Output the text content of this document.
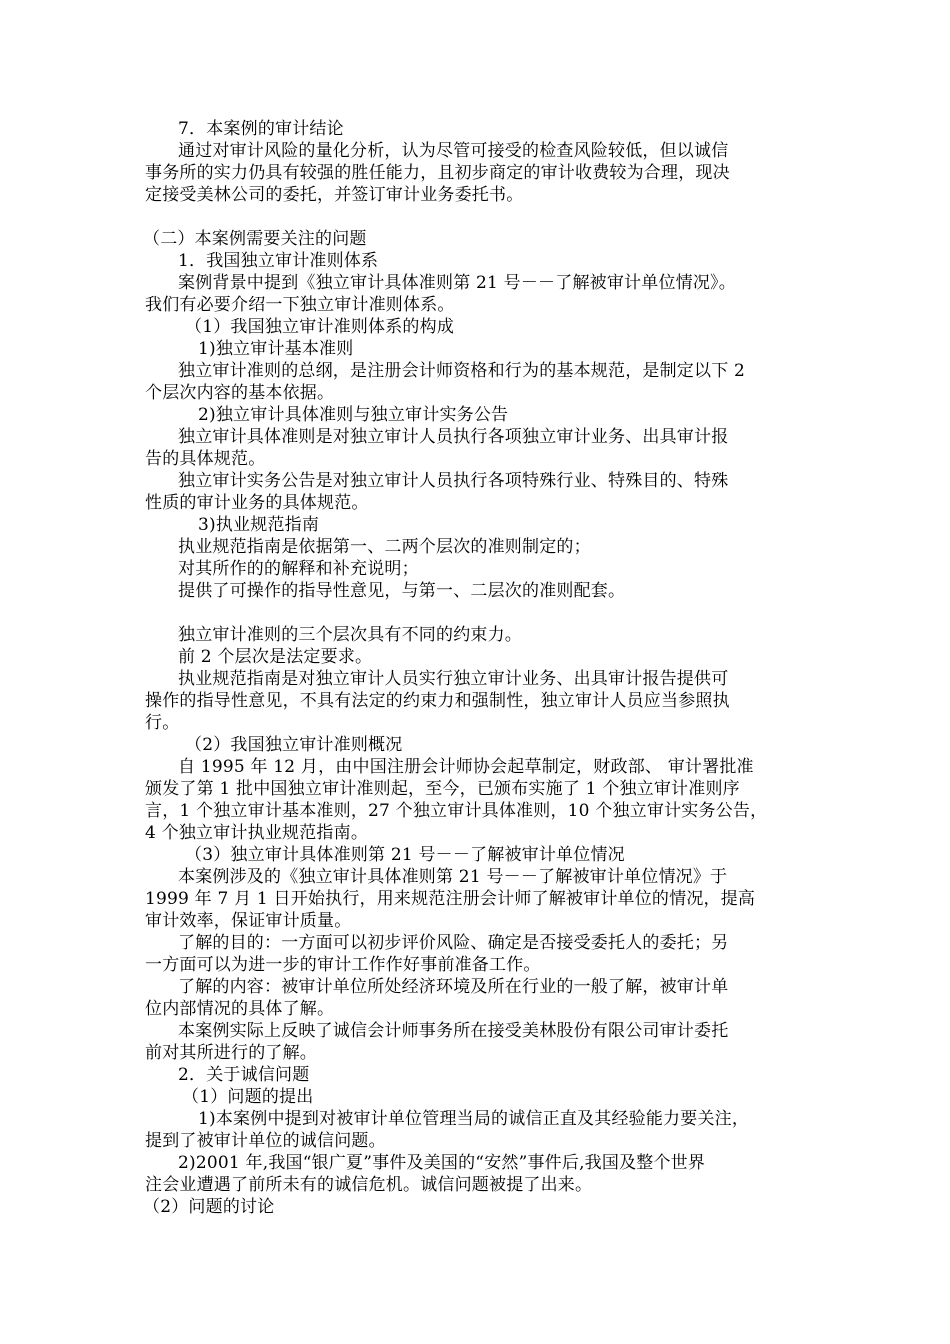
7．本案例的审计结论
通过对审计风险的量化分析，认为尽管可接受的检查风险较低，但以诚信
事务所的实力仍具有较强的胜任能力，且初步商定的审计收费较为合理，现决
定接受美林公司的委托，并签订审计业务委托书。
（二）本案例需要关注的问题
1．我国独立审计准则体系
案例背景中提到《独立审计具体准则第 21 号－－了解被审计单位情况》。
我们有必要介绍一下独立审计准则体系。
（1）我国独立审计准则体系的构成
1)独立审计基本准则
独立审计准则的总纲，是注册会计师资格和行为的基本规范，是制定以下 2
个层次内容的基本依据。
2)独立审计具体准则与独立审计实务公告
独立审计具体准则是对独立审计人员执行各项独立审计业务、出具审计报
告的具体规范。
独立审计实务公告是对独立审计人员执行各项特殊行业、特殊目的、特殊
性质的审计业务的具体规范。
3)执业规范指南
执业规范指南是依据第一、二两个层次的准则制定的；
对其所作的的解释和补充说明；
提供了可操作的指导性意见，与第一、二层次的准则配套。
独立审计准则的三个层次具有不同的约束力。
前 2 个层次是法定要求。
执业规范指南是对独立审计人员实行独立审计业务、出具审计报告提供可
操作的指导性意见，不具有法定的约束力和强制性，独立审计人员应当参照执
行。
（2）我国独立审计准则概况
自 1995 年 12 月，由中国注册会计师协会起草制定，财政部、 审计署批准
颁发了第 1 批中国独立审计准则起，至今，已颁布实施了 1 个独立审计准则序
言，1 个独立审计基本准则，27 个独立审计具体准则，10 个独立审计实务公告，
4 个独立审计执业规范指南。
（3）独立审计具体准则第 21 号－－了解被审计单位情况
本案例涉及的《独立审计具体准则第 21 号－－了解被审计单位情况》于
1999 年 7 月 1 日开始执行，用来规范注册会计师了解被审计单位的情况，提高
审计效率，保证审计质量。
了解的目的：一方面可以初步评价风险、确定是否接受委托人的委托；另
一方面可以为进一步的审计工作作好事前准备工作。
了解的内容：被审计单位所处经济环境及所在行业的一般了解，被审计单
位内部情况的具体了解。
本案例实际上反映了诚信会计师事务所在接受美林股份有限公司审计委托
前对其所进行的了解。
2．关于诚信问题
（1）问题的提出
1)本案例中提到对被审计单位管理当局的诚信正直及其经验能力要关注，
提到了被审计单位的诚信问题。
2)2001 年,我国“银广夏”事件及美国的“安然”事件后,我国及整个世界
注会业遭遇了前所未有的诚信危机。诚信问题被提了出来。
（2）问题的讨论
